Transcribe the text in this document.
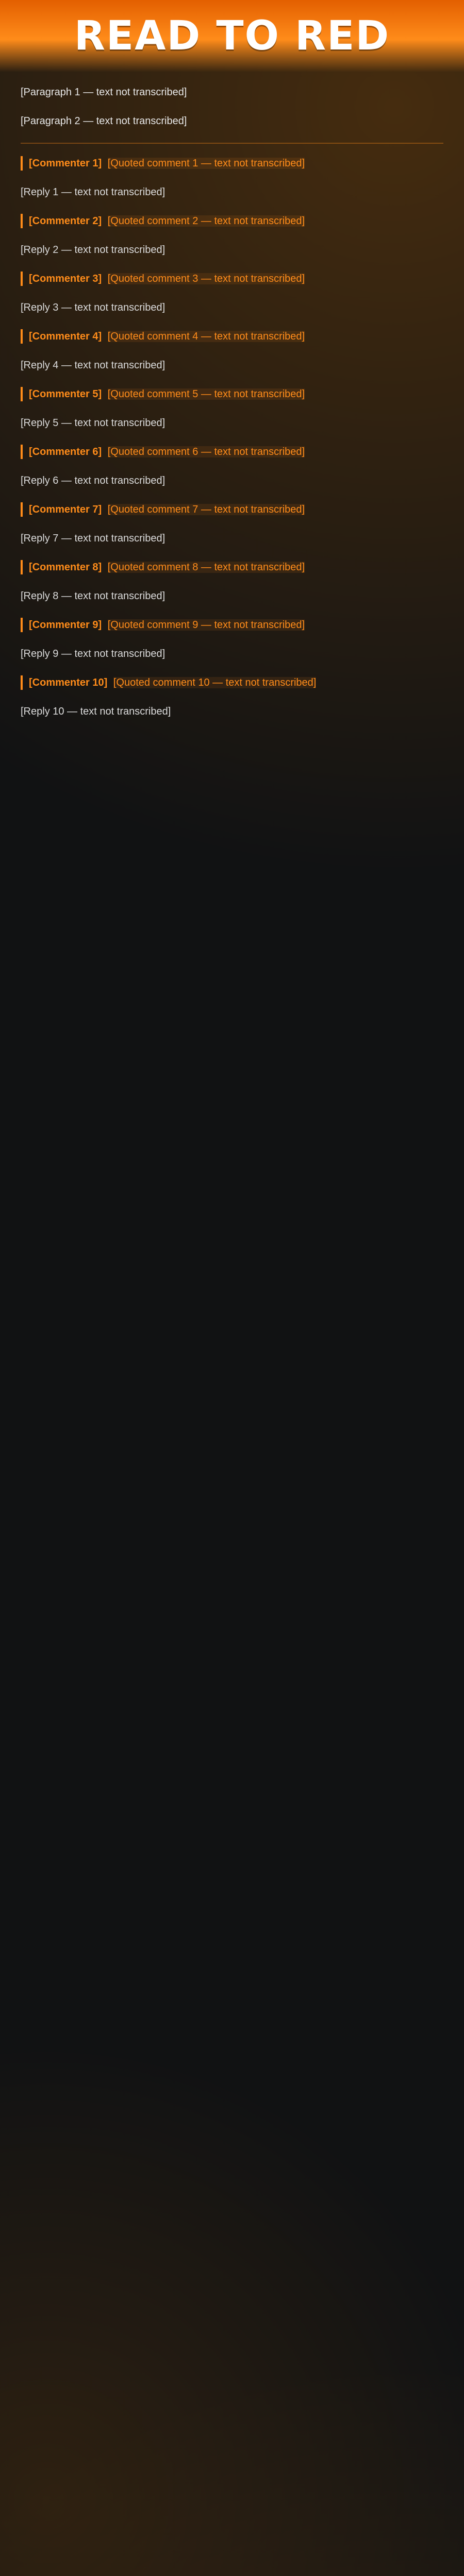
READ TO RED
[Paragraph 1 — text not transcribed]
[Paragraph 2 — text not transcribed]
[Commenter 1] [Quoted comment 1 — text not transcribed]
[Reply 1 — text not transcribed]
[Commenter 2] [Quoted comment 2 — text not transcribed]
[Reply 2 — text not transcribed]
[Commenter 3] [Quoted comment 3 — text not transcribed]
[Reply 3 — text not transcribed]
[Commenter 4] [Quoted comment 4 — text not transcribed]
[Reply 4 — text not transcribed]
[Commenter 5] [Quoted comment 5 — text not transcribed]
[Reply 5 — text not transcribed]
[Commenter 6] [Quoted comment 6 — text not transcribed]
[Reply 6 — text not transcribed]
[Commenter 7] [Quoted comment 7 — text not transcribed]
[Reply 7 — text not transcribed]
[Commenter 8] [Quoted comment 8 — text not transcribed]
[Reply 8 — text not transcribed]
[Commenter 9] [Quoted comment 9 — text not transcribed]
[Reply 9 — text not transcribed]
[Commenter 10] [Quoted comment 10 — text not transcribed]
[Reply 10 — text not transcribed]
